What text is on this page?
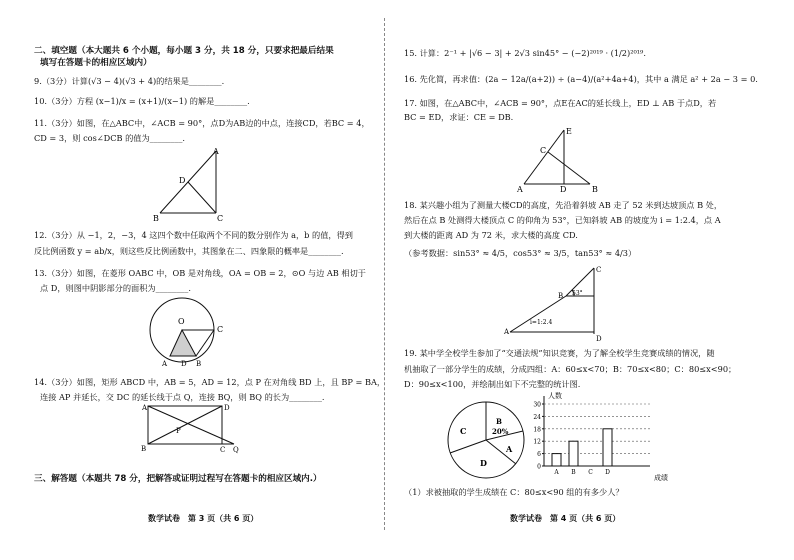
二、填空题（本大题共 6 个小题，每小题 3 分，共 18 分，只要求把最后结果
填写在答题卡的相应区域内）
9.（3分）计算(√3 − 4)(√3 + 4)的结果是________.
10.（3分）方程 (x−1)/x = (x+1)/(x−1) 的解是________.
11.（3分）如图，在△ABC中，∠ACB = 90°，点D为AB边的中点，连接CD，若BC = 4，
CD = 3，则 cos∠DCB 的值为________.
A
D
B	C
12.（3分）从 −1，2，−3，4 这四个数中任取两个不同的数分别作为 a，b 的值，得到
反比例函数 y = ab/x，则这些反比例函数中，其图象在二、四象限的概率是________.
13.（3分）如图，在菱形 OABC 中，OB 是对角线，OA = OB = 2，⊙O 与边 AB 相切于
点 D，则图中阴影部分的面积为________.
O
C
A D B
14.（3分）如图，矩形 ABCD 中，AB = 5，AD = 12，点 P 在对角线 BD 上，且 BP = BA，
连接 AP 并延长，交 DC 的延长线于点 Q，连接 BQ，则 BQ 的长为________.
A	D
P
B	C Q
三、解答题（本题共 78 分，把解答或证明过程写在答题卡的相应区域内.）
数学试卷　第 3 页（共 6 页）
15. 计算：2⁻¹ + |√6 − 3| + 2√3 sin45° − (−2)²⁰¹⁹ · (1/2)²⁰¹⁹.
16. 先化简，再求值：(2a − 12a/(a+2)) ÷ (a−4)/(a²+4a+4)，其中 a 满足 a² + 2a − 3 = 0.
17. 如图，在△ABC中，∠ACB = 90°，点E在AC的延长线上，ED ⊥ AB 于点D，若
BC = ED，求证：CE = DB.
E
C
A	D	B
18. 某兴趣小组为了测量大楼CD的高度，先沿着斜坡 AB 走了 52 米到达坡顶点 B 处，
然后在点 B 处测得大楼顶点 C 的仰角为 53°，已知斜坡 AB 的坡度为 i = 1:2.4，点 A
到大楼的距离 AD 为 72 米，求大楼的高度 CD.
（参考数据：sin53° ≈ 4/5，cos53° ≈ 3/5，tan53° ≈ 4/3）
C
B 53°
i=1:2.4
A
D
19. 某中学全校学生参加了“交通法规”知识竞赛，为了解全校学生竞赛成绩的情况，随
机抽取了一部分学生的成绩，分成四组：A：60≤x<70；B：70≤x<80；C：80≤x<90；
D：90≤x<100，并绘制出如下不完整的统计图.
B
20%
C
A
D
人数
成绩
0
6
12
18
24
30
A B C D
（1）求被抽取的学生成绩在 C：80≤x<90 组的有多少人？
数学试卷　第 4 页（共 6 页）
